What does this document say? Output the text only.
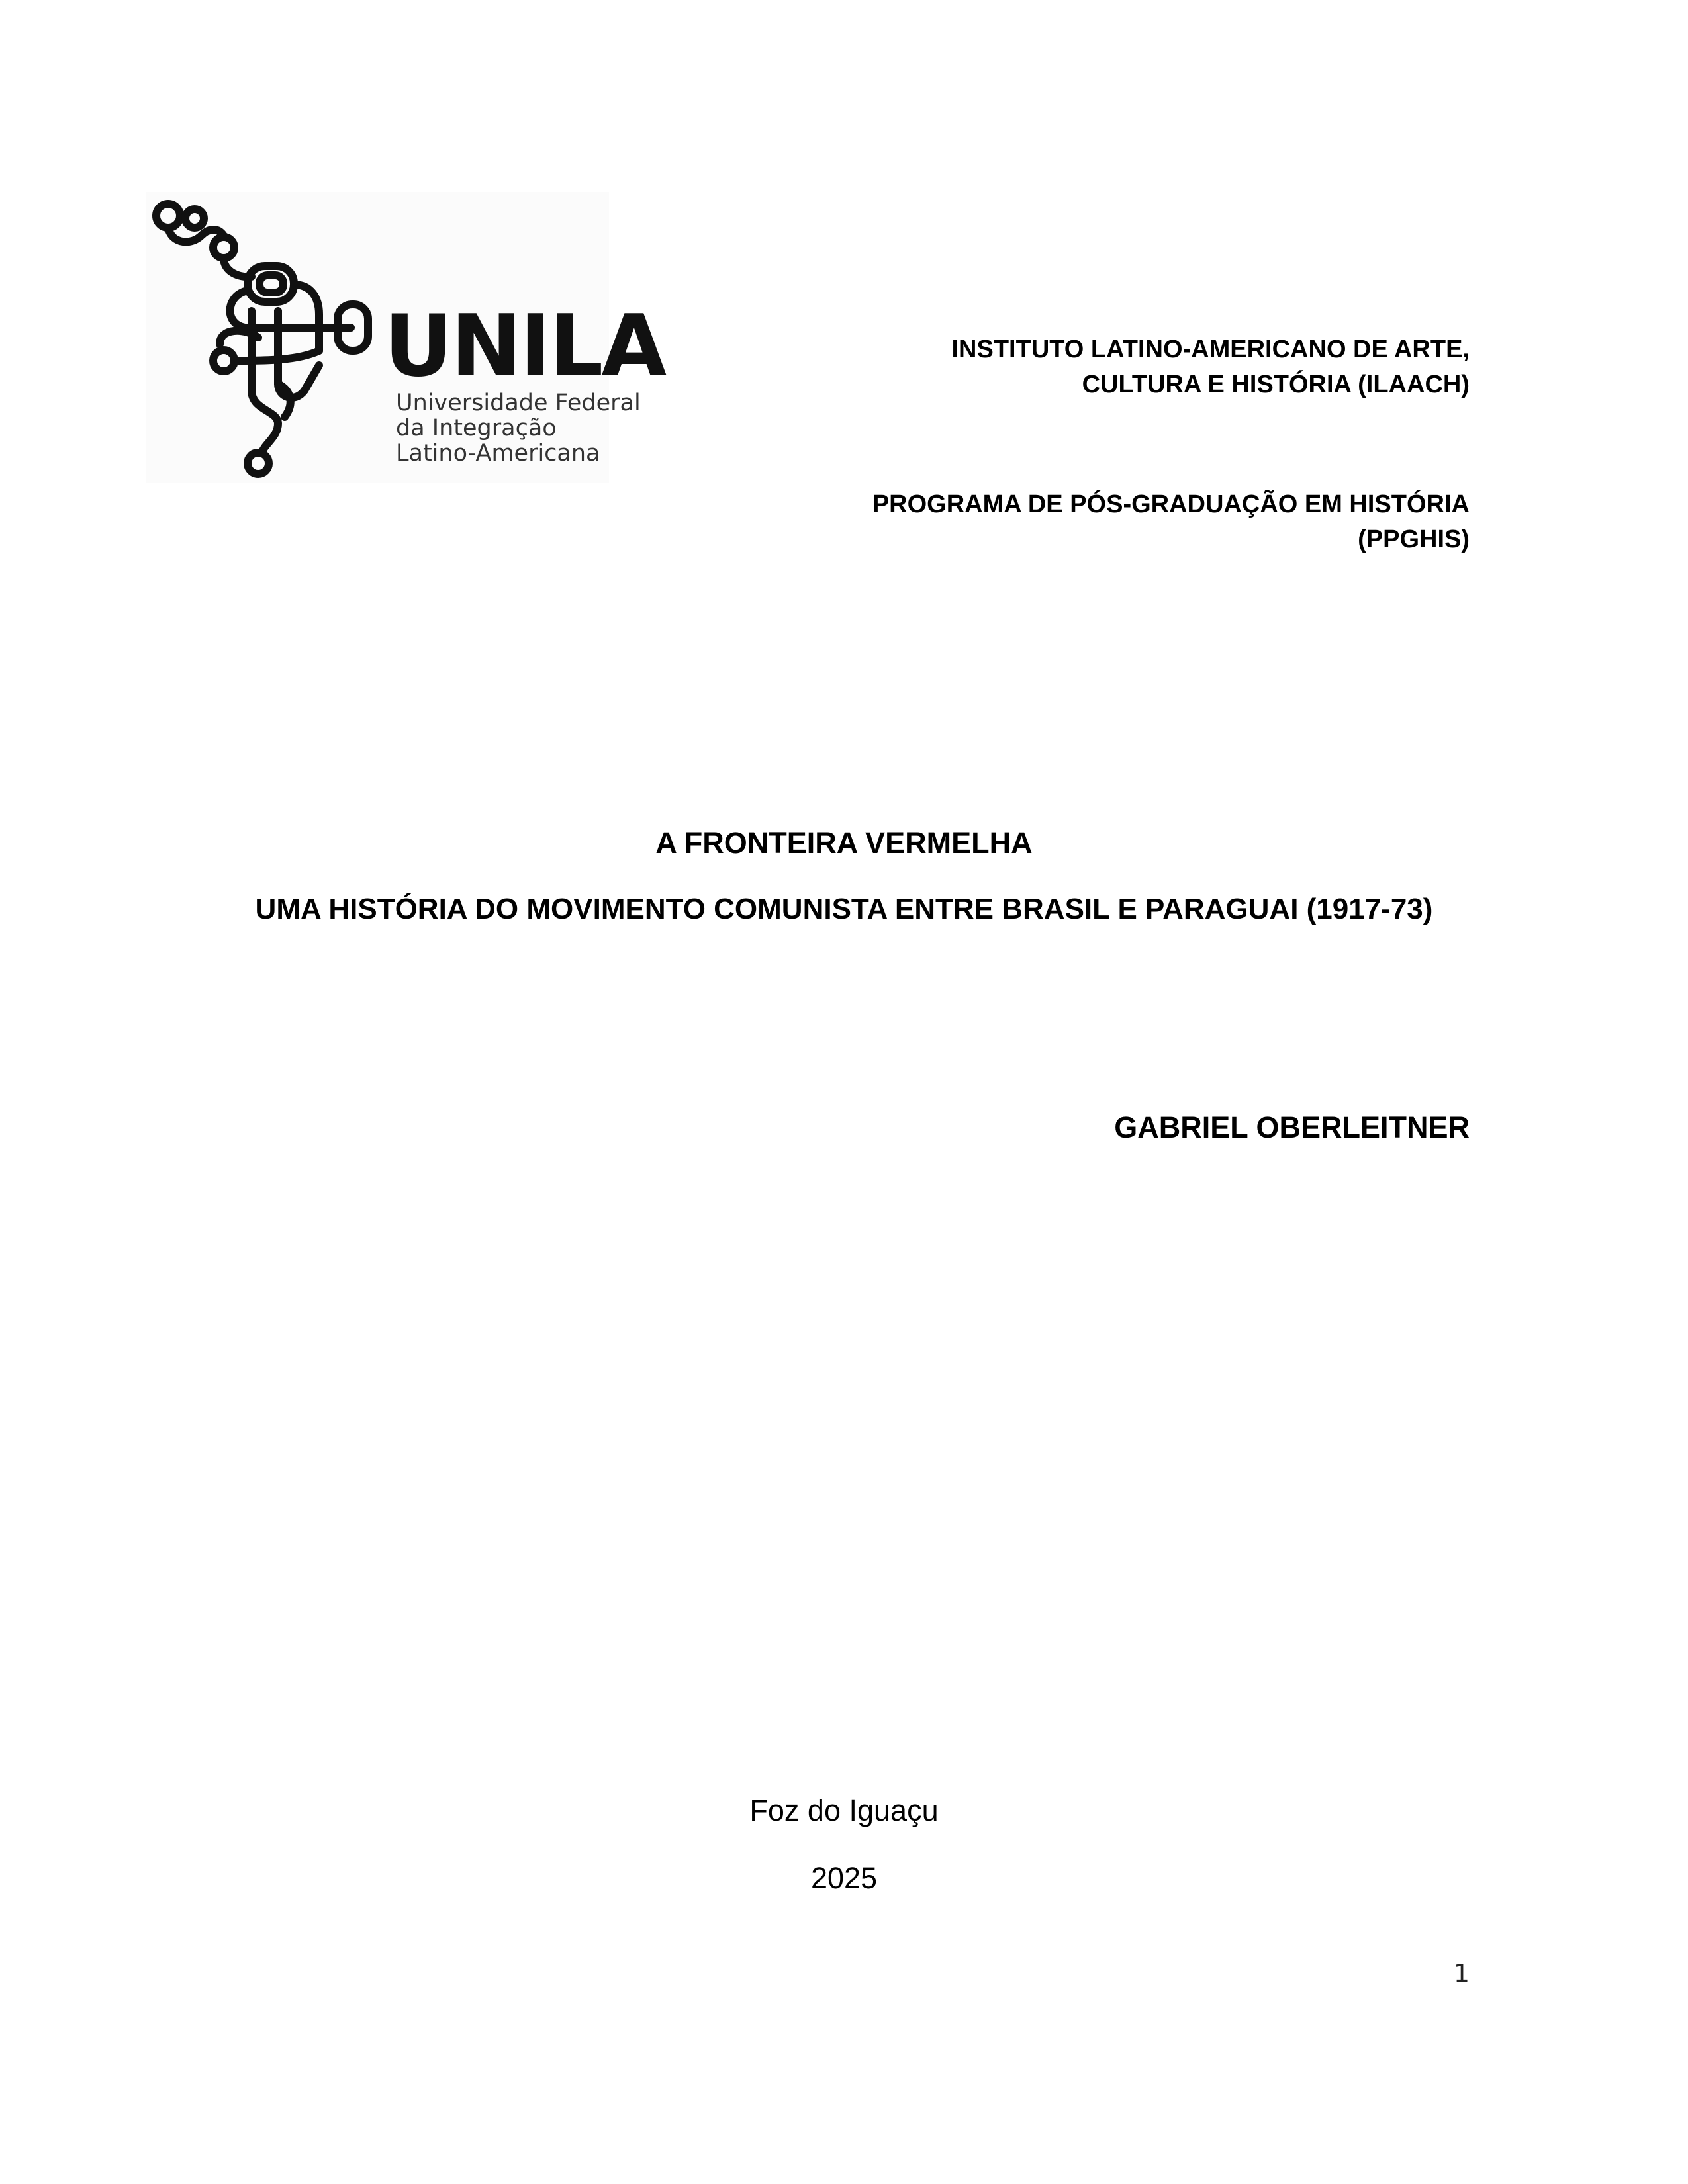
UNILA
Universidade Federal
da Integração
Latino-Americana
INSTITUTO LATINO-AMERICANO DE ARTE,
CULTURA E HISTÓRIA (ILAACH)
PROGRAMA DE PÓS-GRADUAÇÃO EM HISTÓRIA
(PPGHIS)
A FRONTEIRA VERMELHA
UMA HISTÓRIA DO MOVIMENTO COMUNISTA ENTRE BRASIL E PARAGUAI (1917-73)
GABRIEL OBERLEITNER
Foz do Iguaçu
2025
1
